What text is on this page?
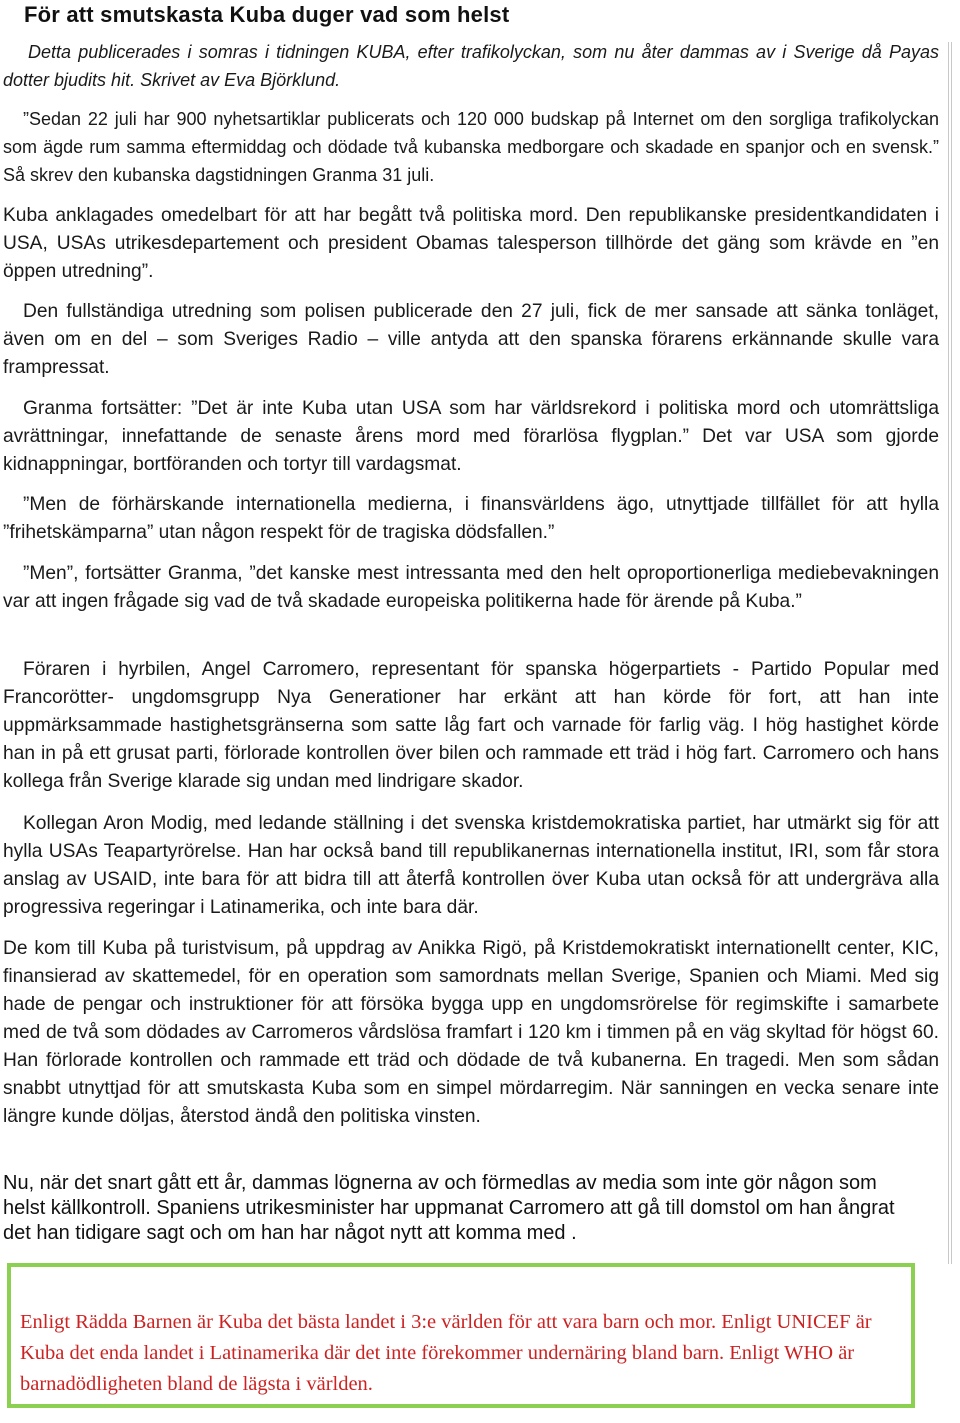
För att smutskasta Kuba duger vad som helst

Detta publicerades i somras i tidningen KUBA, efter trafikolyckan, som nu åter dammas av i Sverige då Payas dotter bjudits hit. Skrivet av Eva Björklund.

”Sedan 22 juli har 900 nyhetsartiklar publicerats och 120 000 budskap på Internet om den sorgliga trafikolyckan som ägde rum samma eftermiddag och dödade två kubanska medborgare och skadade en spanjor och en svensk.” Så skrev den kubanska dagstidningen Granma 31 juli.

Kuba anklagades omedelbart för att har begått två politiska mord. Den republikanske presidentkandidaten i USA, USAs utrikesdepartement och president Obamas talesperson tillhörde det gäng som krävde en ”en öppen utredning”.

Den fullständiga utredning som polisen publicerade den 27 juli, fick de mer sansade att sänka tonläget, även om en del – som Sveriges Radio – ville antyda att den spanska förarens erkännande skulle vara frampressat.

Granma fortsätter: ”Det är inte Kuba utan USA som har världsrekord i politiska mord och utomrättsliga avrättningar, innefattande de senaste årens mord med förarlösa flygplan.” Det var USA som gjorde kidnappningar, bortföranden och tortyr till vardagsmat.

”Men de förhärskande internationella medierna, i finansvärldens ägo, utnyttjade tillfället för att hylla ”frihetskämparna” utan någon respekt för de tragiska dödsfallen.”

”Men”, fortsätter Granma, ”det kanske mest intressanta med den helt oproportionerliga mediebevakningen var att ingen frågade sig vad de två skadade europeiska politikerna hade för ärende på Kuba.”

Föraren i hyrbilen, Angel Carromero, representant för spanska högerpartiets - Partido Popular med Francorötter- ungdomsgrupp Nya Generationer har erkänt att han körde för fort, att han inte uppmärksammade hastighetsgränserna som satte låg fart och varnade för farlig väg. I hög hastighet körde han in på ett grusat parti, förlorade kontrollen över bilen och rammade ett träd i hög fart. Carromero och hans kollega från Sverige klarade sig undan med lindrigare skador.

Kollegan Aron Modig, med ledande ställning i det svenska kristdemokratiska partiet, har utmärkt sig för att hylla USAs Teapartyrörelse. Han har också band till republikanernas internationella institut, IRI, som får stora anslag av USAID, inte bara för att bidra till att återfå kontrollen över Kuba utan också för att undergräva alla progressiva regeringar i Latinamerika, och inte bara där.

De kom till Kuba på turistvisum, på uppdrag av Anikka Rigö, på Kristdemokratiskt internationellt center, KIC, finansierad av skattemedel, för en operation som samordnats mellan Sverige, Spanien och Miami. Med sig hade de pengar och instruktioner för att försöka bygga upp en ungdomsrörelse för regimskifte i samarbete med de två som dödades av Carromeros vårdslösa framfart i 120 km i timmen på en väg skyltad för högst 60. Han förlorade kontrollen och rammade ett träd och dödade de två kubanerna. En tragedi. Men som sådan snabbt utnyttjad för att smutskasta Kuba som en simpel mördarregim. När sanningen en vecka senare inte längre kunde döljas, återstod ändå den politiska vinsten.

Nu, när det snart gått ett år, dammas lögnerna av och förmedlas av media som inte gör någon som helst källkontroll. Spaniens utrikesminister har uppmanat Carromero att gå till domstol om han ångrat det han tidigare sagt och om han har något nytt att komma med .

Enligt Rädda Barnen är Kuba det bästa landet i 3:e världen för att vara barn och mor. Enligt UNICEF är Kuba det enda landet i Latinamerika där det inte förekommer undernäring bland barn. Enligt WHO är barnadödligheten bland de lägsta i världen.
